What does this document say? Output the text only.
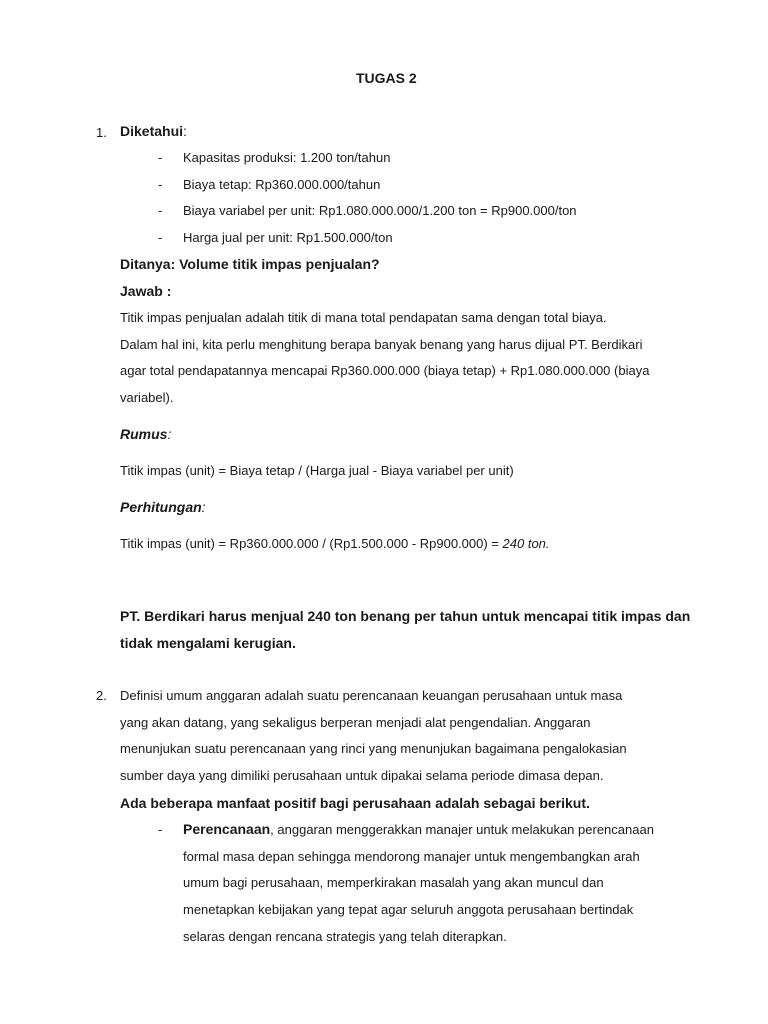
TUGAS 2
1. Diketahui:
- Kapasitas produksi: 1.200 ton/tahun
- Biaya tetap: Rp360.000.000/tahun
- Biaya variabel per unit: Rp1.080.000.000/1.200 ton = Rp900.000/ton
- Harga jual per unit: Rp1.500.000/ton
Ditanya: Volume titik impas penjualan?
Jawab :
Titik impas penjualan adalah titik di mana total pendapatan sama dengan total biaya.
Dalam hal ini, kita perlu menghitung berapa banyak benang yang harus dijual PT. Berdikari
agar total pendapatannya mencapai Rp360.000.000 (biaya tetap) + Rp1.080.000.000 (biaya
variabel).
Rumus:
Titik impas (unit) = Biaya tetap / (Harga jual - Biaya variabel per unit)
Perhitungan:
Titik impas (unit) = Rp360.000.000 / (Rp1.500.000 - Rp900.000) = 240 ton.
PT. Berdikari harus menjual 240 ton benang per tahun untuk mencapai titik impas dan
tidak mengalami kerugian.
2. Definisi umum anggaran adalah suatu perencanaan keuangan perusahaan untuk masa
yang akan datang, yang sekaligus berperan menjadi alat pengendalian. Anggaran
menunjukan suatu perencanaan yang rinci yang menunjukan bagaimana pengalokasian
sumber daya yang dimiliki perusahaan untuk dipakai selama periode dimasa depan.
Ada beberapa manfaat positif bagi perusahaan adalah sebagai berikut.
- Perencanaan, anggaran menggerakkan manajer untuk melakukan perencanaan
formal masa depan sehingga mendorong manajer untuk mengembangkan arah
umum bagi perusahaan, memperkirakan masalah yang akan muncul dan
menetapkan kebijakan yang tepat agar seluruh anggota perusahaan bertindak
selaras dengan rencana strategis yang telah diterapkan.
